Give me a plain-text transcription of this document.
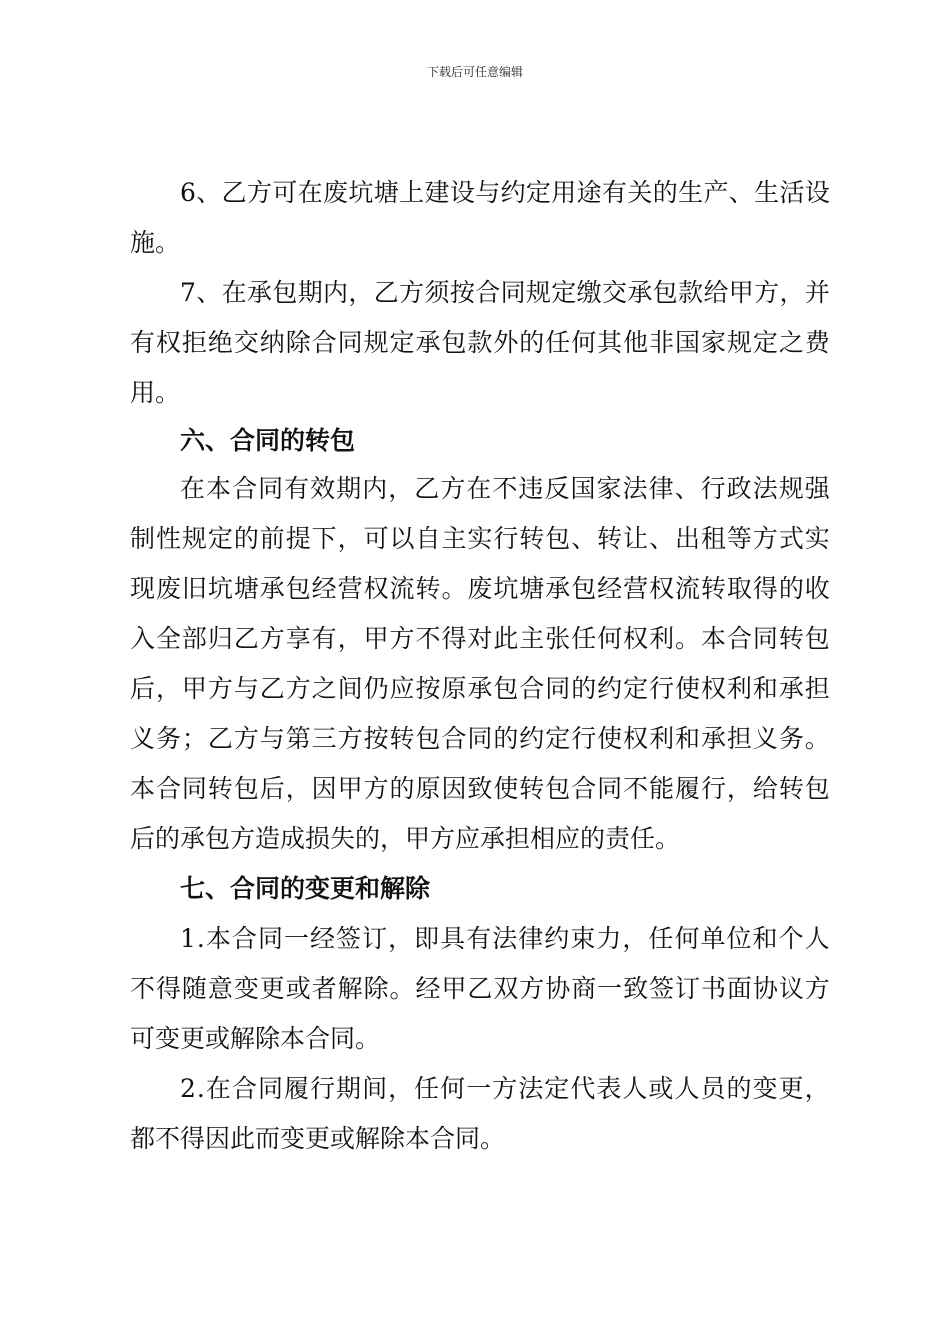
下载后可任意编辑
6 、 乙 方 可 在 废 坑 塘 上 建 设 与 约 定 用 途 有 关 的 生 产 、 生 活 设
施。
7 、 在 承 包 期 内 ， 乙 方 须 按 合 同 规 定 缴 交 承 包 款 给 甲 方 ， 并
有 权 拒 绝 交 纳 除 合 同 规 定 承 包 款 外 的 任 何 其 他 非 国 家 规 定 之 费
用。
六、合同的转包
在 本 合 同 有 效 期 内 ， 乙 方 在 不 违 反 国 家 法 律 、 行 政 法 规 强
制 性 规 定 的 前 提 下 ， 可 以 自 主 实 行 转 包 、 转 让 、 出 租 等 方 式 实
现 废 旧 坑 塘 承 包 经 营 权 流 转 。 废 坑 塘 承 包 经 营 权 流 转 取 得 的 收
入 全 部 归 乙 方 享 有 ， 甲 方 不 得 对 此 主 张 任 何 权 利 。 本 合 同 转 包
后 ， 甲 方 与 乙 方 之 间 仍 应 按 原 承 包 合 同 的 约 定 行 使 权 利 和 承 担
义 务 ； 乙 方 与 第 三 方 按 转 包 合 同 的 约 定 行 使 权 利 和 承 担 义 务 。
本 合 同 转 包 后 ， 因 甲 方 的 原 因 致 使 转 包 合 同 不 能 履 行 ， 给 转 包
后的承包方造成损失的，甲方应承担相应的责任。
七、合同的变更和解除
1 . 本 合 同 一 经 签 订 ， 即 具 有 法 律 约 束 力 ， 任 何 单 位 和 个 人
不 得 随 意 变 更 或 者 解 除 。 经 甲 乙 双 方 协 商 一 致 签 订 书 面 协 议 方
可变更或解除本合同。
2 . 在 合 同 履 行 期 间 ， 任 何 一 方 法 定 代 表 人 或 人 员 的 变 更 ，
都不得因此而变更或解除本合同。
